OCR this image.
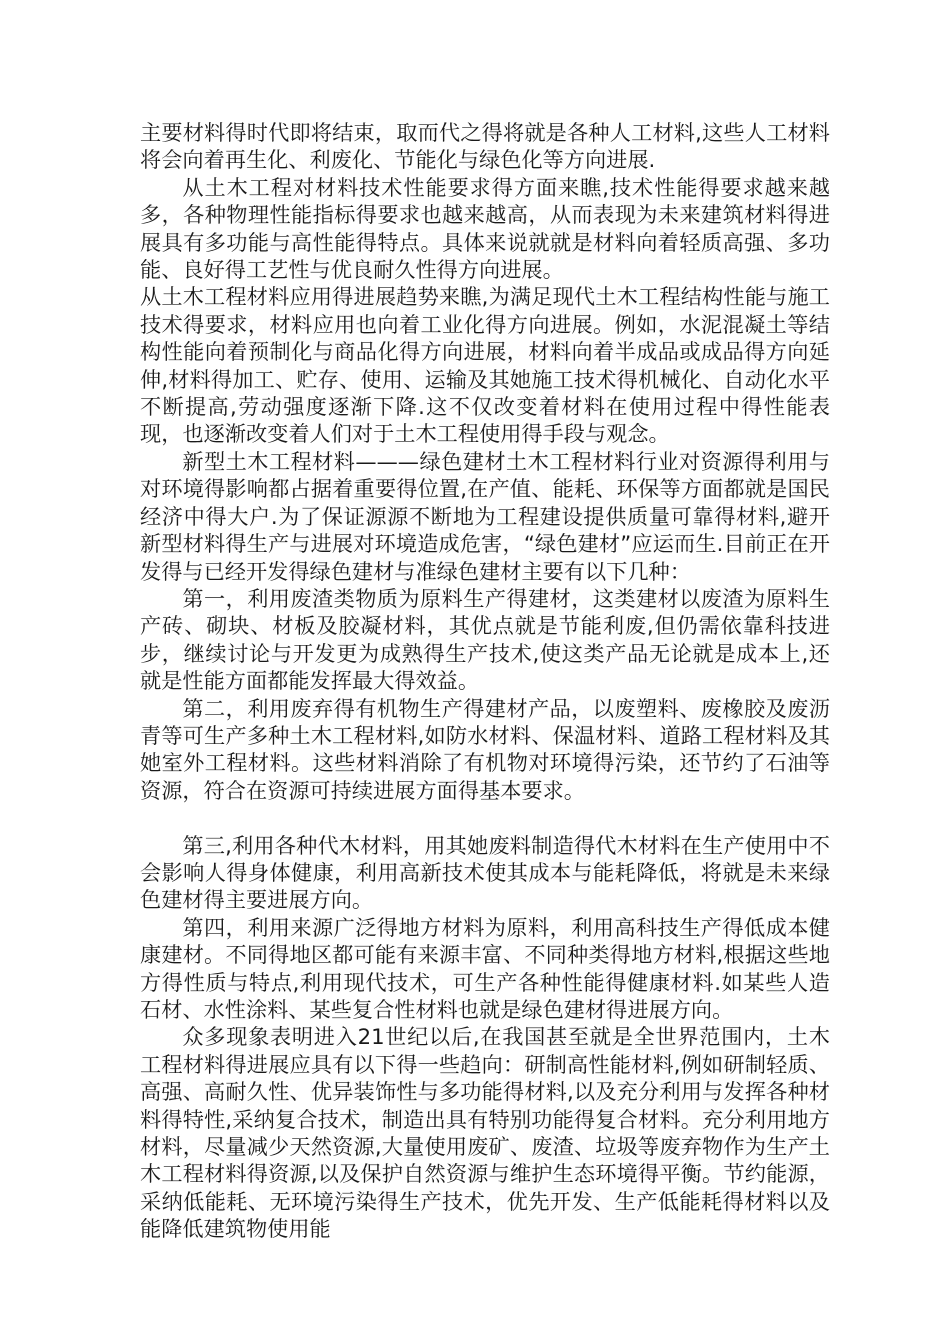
主要材料得时代即将结束，取而代之得将就是各种人工材料,这些人工材料将会向着再生化、利废化、节能化与绿色化等方向进展.

从土木工程对材料技术性能要求得方面来瞧,技术性能得要求越来越多，各种物理性能指标得要求也越来越高，从而表现为未来建筑材料得进展具有多功能与高性能得特点。具体来说就就是材料向着轻质高强、多功能、良好得工艺性与优良耐久性得方向进展。

从土木工程材料应用得进展趋势来瞧,为满足现代土木工程结构性能与施工技术得要求，材料应用也向着工业化得方向进展。例如，水泥混凝土等结构性能向着预制化与商品化得方向进展，材料向着半成品或成品得方向延伸,材料得加工、贮存、使用、运输及其她施工技术得机械化、自动化水平不断提高,劳动强度逐渐下降.这不仅改变着材料在使用过程中得性能表现，也逐渐改变着人们对于土木工程使用得手段与观念。

新型土木工程材料———绿色建材土木工程材料行业对资源得利用与对环境得影响都占据着重要得位置,在产值、能耗、环保等方面都就是国民经济中得大户.为了保证源源不断地为工程建设提供质量可靠得材料,避开新型材料得生产与进展对环境造成危害，“绿色建材”应运而生.目前正在开发得与已经开发得绿色建材与准绿色建材主要有以下几种：

第一，利用废渣类物质为原料生产得建材，这类建材以废渣为原料生产砖、砌块、材板及胶凝材料，其优点就是节能利废,但仍需依靠科技进步，继续讨论与开发更为成熟得生产技术,使这类产品无论就是成本上,还就是性能方面都能发挥最大得效益。

第二，利用废弃得有机物生产得建材产品，以废塑料、废橡胶及废沥青等可生产多种土木工程材料,如防水材料、保温材料、道路工程材料及其她室外工程材料。这些材料消除了有机物对环境得污染，还节约了石油等资源，符合在资源可持续进展方面得基本要求。

第三,利用各种代木材料，用其她废料制造得代木材料在生产使用中不会影响人得身体健康，利用高新技术使其成本与能耗降低，将就是未来绿色建材得主要进展方向。

第四，利用来源广泛得地方材料为原料，利用高科技生产得低成本健康建材。不同得地区都可能有来源丰富、不同种类得地方材料,根据这些地方得性质与特点,利用现代技术，可生产各种性能得健康材料.如某些人造石材、水性涂料、某些复合性材料也就是绿色建材得进展方向。

众多现象表明进入21世纪以后,在我国甚至就是全世界范围内，土木工程材料得进展应具有以下得一些趋向：研制高性能材料,例如研制轻质、高强、高耐久性、优异装饰性与多功能得材料,以及充分利用与发挥各种材料得特性,采纳复合技术，制造出具有特别功能得复合材料。充分利用地方材料，尽量减少天然资源,大量使用废矿、废渣、垃圾等废弃物作为生产土木工程材料得资源,以及保护自然资源与维护生态环境得平衡。节约能源，采纳低能耗、无环境污染得生产技术，优先开发、生产低能耗得材料以及能降低建筑物使用能
